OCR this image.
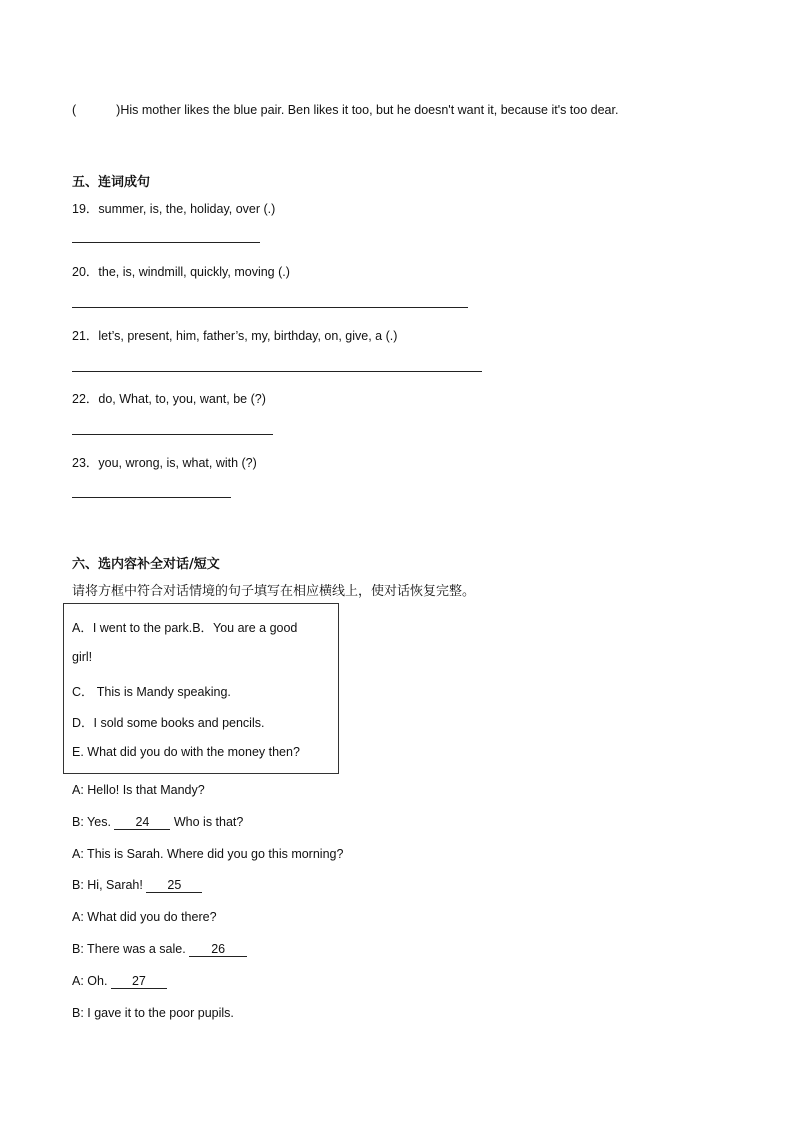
(	)His mother likes the blue pair. Ben likes it too, but he doesn't want it, because it's too dear.
五、连词成句
19．summer, is, the, holiday, over (.)
20．the, is, windmill, quickly, moving (.)
21．let’s, present, him, father’s, my, birthday, on, give, a (.)
22．do, What, to, you, want, be (?)
23．you, wrong, is, what, with (?)
六、选内容补全对话/短文
请将方框中符合对话情境的句子填写在相应横线上，使对话恢复完整。
A．I went to the park.B．You are a good
girl!
C． This is Mandy speaking.
D．I sold some books and pencils.
E. What did you do with the money then?
A: Hello! Is that Mandy?
B: Yes. 24 Who is that?
A: This is Sarah. Where did you go this morning?
B: Hi, Sarah! 25
A: What did you do there?
B: There was a sale. 26
A: Oh. 27
B: I gave it to the poor pupils.
